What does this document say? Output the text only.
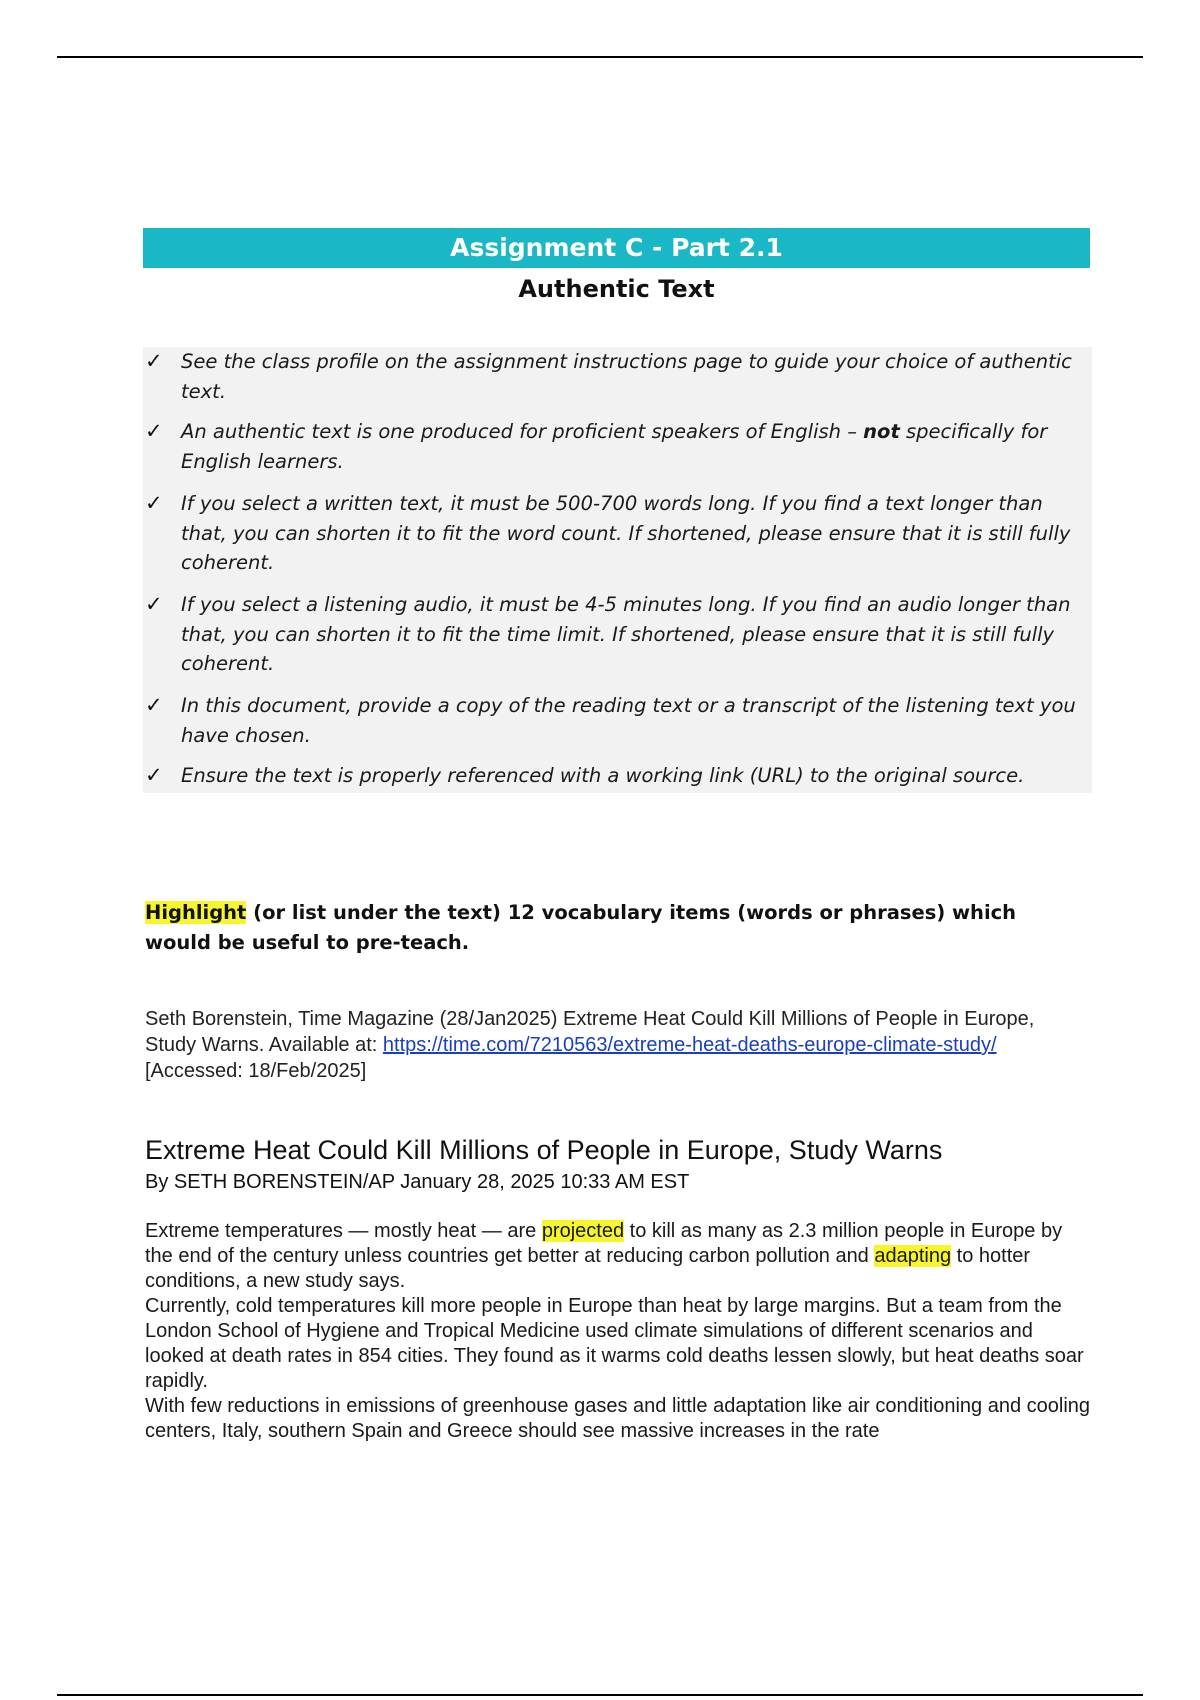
Assignment C - Part 2.1
Authentic Text
✓ See the class profile on the assignment instructions page to guide your choice of authentic text.
✓ An authentic text is one produced for proficient speakers of English – not specifically for English learners.
✓ If you select a written text, it must be 500-700 words long. If you find a text longer than that, you can shorten it to fit the word count. If shortened, please ensure that it is still fully coherent.
✓ If you select a listening audio, it must be 4-5 minutes long. If you find an audio longer than that, you can shorten it to fit the time limit. If shortened, please ensure that it is still fully coherent.
✓ In this document, provide a copy of the reading text or a transcript of the listening text you have chosen.
✓ Ensure the text is properly referenced with a working link (URL) to the original source.
Highlight (or list under the text) 12 vocabulary items (words or phrases) which would be useful to pre-teach.
Seth Borenstein, Time Magazine (28/Jan2025) Extreme Heat Could Kill Millions of People in Europe, Study Warns. Available at: https://time.com/7210563/extreme-heat-deaths-europe-climate-study/ [Accessed: 18/Feb/2025]
Extreme Heat Could Kill Millions of People in Europe, Study Warns
By SETH BORENSTEIN/AP January 28, 2025 10:33 AM EST

Extreme temperatures — mostly heat — are projected to kill as many as 2.3 million people in Europe by the end of the century unless countries get better at reducing carbon pollution and adapting to hotter conditions, a new study says.

Currently, cold temperatures kill more people in Europe than heat by large margins. But a team from the London School of Hygiene and Tropical Medicine used climate simulations of different scenarios and looked at death rates in 854 cities. They found as it warms cold deaths lessen slowly, but heat deaths soar rapidly.

With few reductions in emissions of greenhouse gases and little adaptation like air conditioning and cooling centers, Italy, southern Spain and Greece should see massive increases in the rate
